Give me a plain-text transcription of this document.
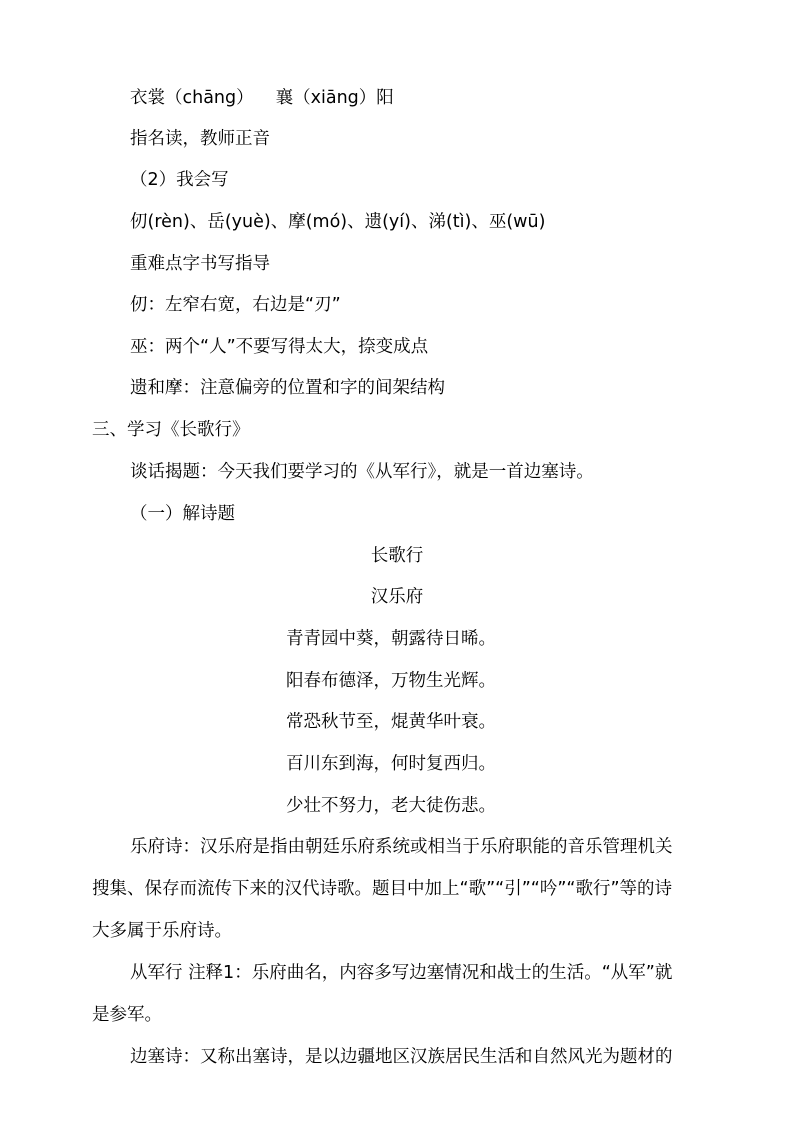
衣裳（chāng） 襄（xiāng）阳
指名读，教师正音
（2）我会写
仞(rèn)、岳(yuè)、摩(mó)、遗(yí)、涕(tì)、巫(wū)
重难点字书写指导
仞：左窄右宽，右边是“刃”
巫：两个“人”不要写得太大，捺变成点
遗和摩：注意偏旁的位置和字的间架结构
三、学习《长歌行》
谈话揭题：今天我们要学习的《从军行》，就是一首边塞诗。
（一）解诗题
长歌行
汉乐府
青青园中葵，朝露待日晞。
阳春布德泽，万物生光辉。
常恐秋节至，焜黄华叶衰。
百川东到海，何时复西归。
少壮不努力，老大徒伤悲。
乐府诗：汉乐府是指由朝廷乐府系统或相当于乐府职能的音乐管理机关
搜集、保存而流传下来的汉代诗歌。题目中加上“歌”“引”“吟”“歌行”等的诗
大多属于乐府诗。
从军行 注释1：乐府曲名，内容多写边塞情况和战士的生活。“从军”就
是参军。
边塞诗：又称出塞诗，是以边疆地区汉族居民生活和自然风光为题材的
